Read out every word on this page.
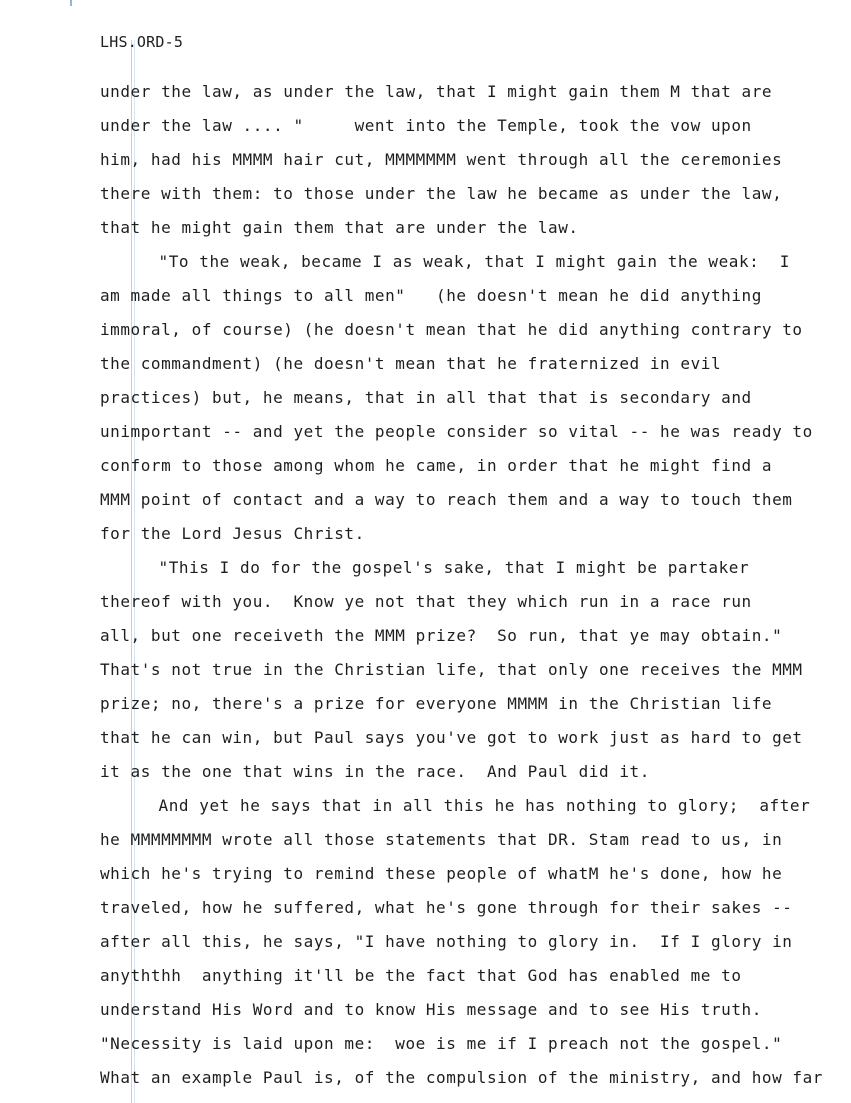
LHS.ORD-5
under the law, as under the law, that I might gain them M that are
under the law .... "     went into the Temple, took the vow upon
him, had his MMMM hair cut, MMMMMMM went through all the ceremonies
there with them: to those under the law he became as under the law,
that he might gain them that are under the law.
"To the weak, became I as weak, that I might gain the weak:  I
am made all things to all men"   (he doesn't mean he did anything
immoral, of course) (he doesn't mean that he did anything contrary to
the commandment) (he doesn't mean that he fraternized in evil
practices) but, he means, that in all that that is secondary and
unimportant -- and yet the people consider so vital -- he was ready to
conform to those among whom he came, in order that he might find a
MMM point of contact and a way to reach them and a way to touch them
for the Lord Jesus Christ.
"This I do for the gospel's sake, that I might be partaker
thereof with you.  Know ye not that they which run in a race run
all, but one receiveth the MMM prize?  So run, that ye may obtain."
That's not true in the Christian life, that only one receives the MMM
prize; no, there's a prize for everyone MMMM in the Christian life
that he can win, but Paul says you've got to work just as hard to get
it as the one that wins in the race.  And Paul did it.
And yet he says that in all this he has nothing to glory;  after
he MMMMMMMM wrote all those statements that DR. Stam read to us, in
which he's trying to remind these people of whatM he's done, how he
traveled, how he suffered, what he's gone through for their sakes --
after all this, he says, "I have nothing to glory in.  If I glory in
anyththh  anything it'll be the fact that God has enabled me to
understand His Word and to know His message and to see His truth.
"Necessity is laid upon me:  woe is me if I preach not the gospel."
What an example Paul is, of the compulsion of the ministry, and how far
